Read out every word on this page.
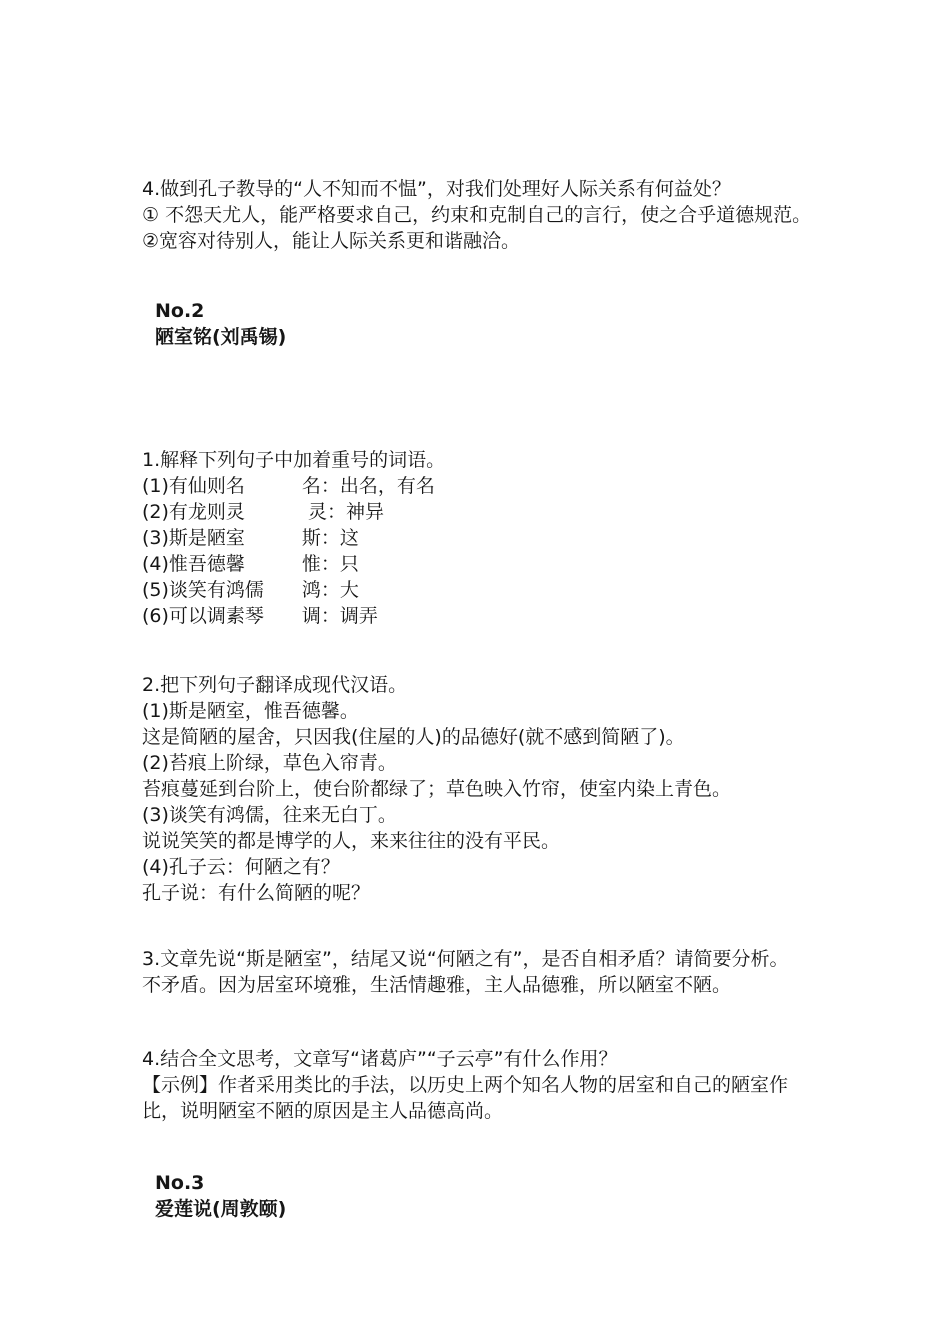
4.做到孔子教导的“人不知而不愠”，对我们处理好人际关系有何益处？
① 不怨天尤人，能严格要求自己，约束和克制自己的言行，使之合乎道德规范。
②宽容对待别人，能让人际关系更和谐融洽。
No.2
陋室铭(刘禹锡)
1.解释下列句子中加着重号的词语。
(1)有仙则名　　　名：出名，有名
(2)有龙则灵　　　 灵：神异
(3)斯是陋室　　　斯：这
(4)惟吾德馨　　　惟：只
(5)谈笑有鸿儒　　鸿：大
(6)可以调素琴　　调：调弄
2.把下列句子翻译成现代汉语。
(1)斯是陋室，惟吾德馨。
这是简陋的屋舍，只因我(住屋的人)的品德好(就不感到简陋了)。
(2)苔痕上阶绿，草色入帘青。
苔痕蔓延到台阶上，使台阶都绿了；草色映入竹帘，使室内染上青色。
(3)谈笑有鸿儒，往来无白丁。
说说笑笑的都是博学的人，来来往往的没有平民。
(4)孔子云：何陋之有？
孔子说：有什么简陋的呢？
3.文章先说“斯是陋室”，结尾又说“何陋之有”，是否自相矛盾？请简要分析。
不矛盾。因为居室环境雅，生活情趣雅，主人品德雅，所以陋室不陋。
4.结合全文思考，文章写“诸葛庐”“子云亭”有什么作用？
【示例】作者采用类比的手法，以历史上两个知名人物的居室和自己的陋室作
比，说明陋室不陋的原因是主人品德高尚。
No.3
爱莲说(周敦颐)
